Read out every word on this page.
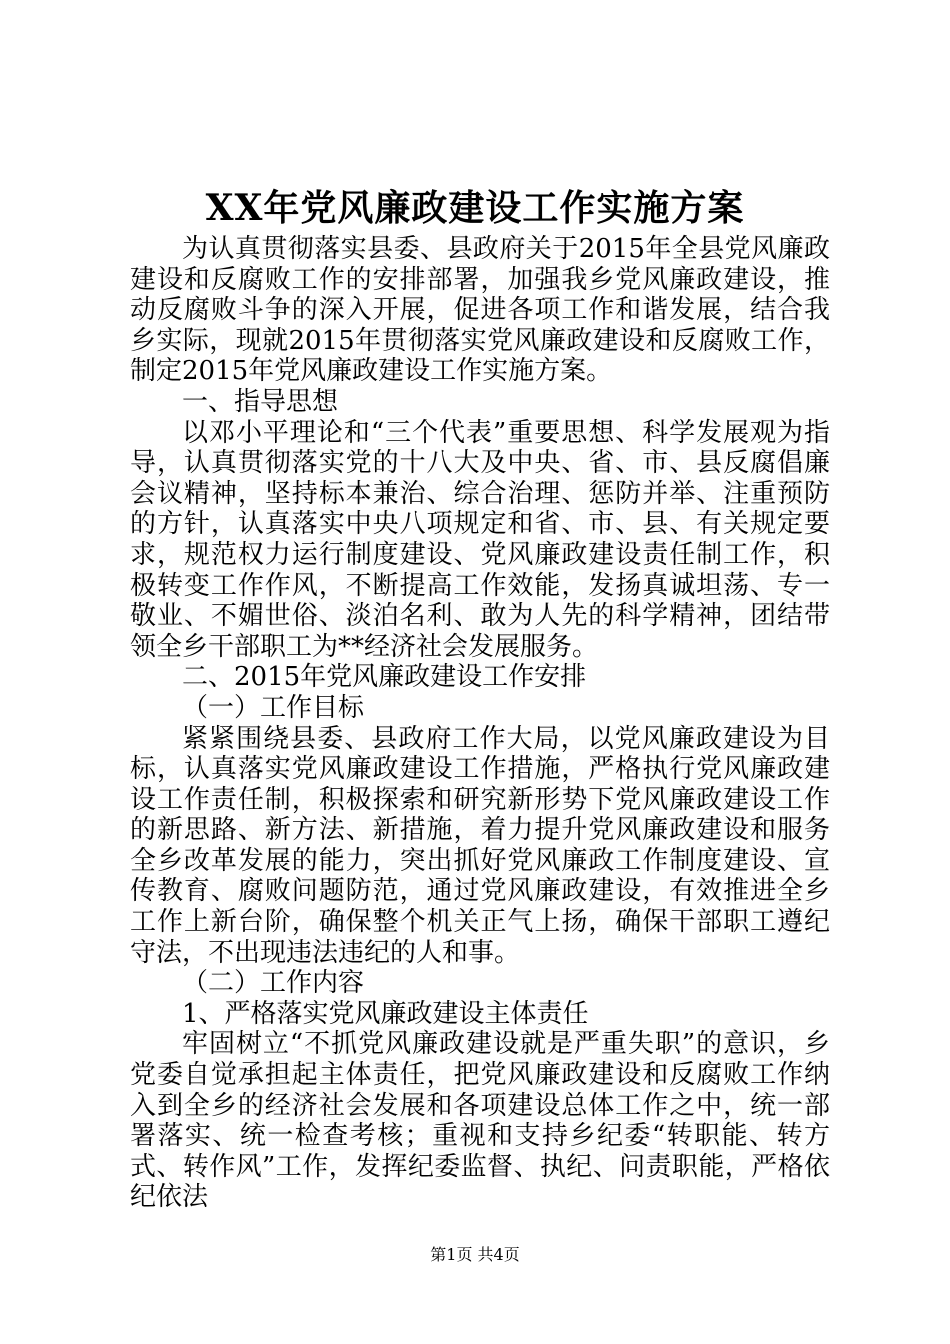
XX年党风廉政建设工作实施方案

为认真贯彻落实县委、县政府关于2015年全县党风廉政建设和反腐败工作的安排部署，加强我乡党风廉政建设，推动反腐败斗争的深入开展，促进各项工作和谐发展，结合我乡实际，现就2015年贯彻落实党风廉政建设和反腐败工作，制定2015年党风廉政建设工作实施方案。

一、指导思想

以邓小平理论和“三个代表”重要思想、科学发展观为指导，认真贯彻落实党的十八大及中央、省、市、县反腐倡廉会议精神，坚持标本兼治、综合治理、惩防并举、注重预防的方针，认真落实中央八项规定和省、市、县、有关规定要求，规范权力运行制度建设、党风廉政建设责任制工作，积极转变工作作风，不断提高工作效能，发扬真诚坦荡、专一敬业、不媚世俗、淡泊名利、敢为人先的科学精神，团结带领全乡干部职工为**经济社会发展服务。

二、2015年党风廉政建设工作安排

（一）工作目标

紧紧围绕县委、县政府工作大局，以党风廉政建设为目标，认真落实党风廉政建设工作措施，严格执行党风廉政建设工作责任制，积极探索和研究新形势下党风廉政建设工作的新思路、新方法、新措施，着力提升党风廉政建设和服务全乡改革发展的能力，突出抓好党风廉政工作制度建设、宣传教育、腐败问题防范，通过党风廉政建设，有效推进全乡工作上新台阶，确保整个机关正气上扬，确保干部职工遵纪守法，不出现违法违纪的人和事。

（二）工作内容

1、严格落实党风廉政建设主体责任

牢固树立“不抓党风廉政建设就是严重失职”的意识，乡党委自觉承担起主体责任，把党风廉政建设和反腐败工作纳入到全乡的经济社会发展和各项建设总体工作之中，统一部署落实、统一检查考核；重视和支持乡纪委“转职能、转方式、转作风”工作，发挥纪委监督、执纪、问责职能，严格依纪依法

第1页 共4页
